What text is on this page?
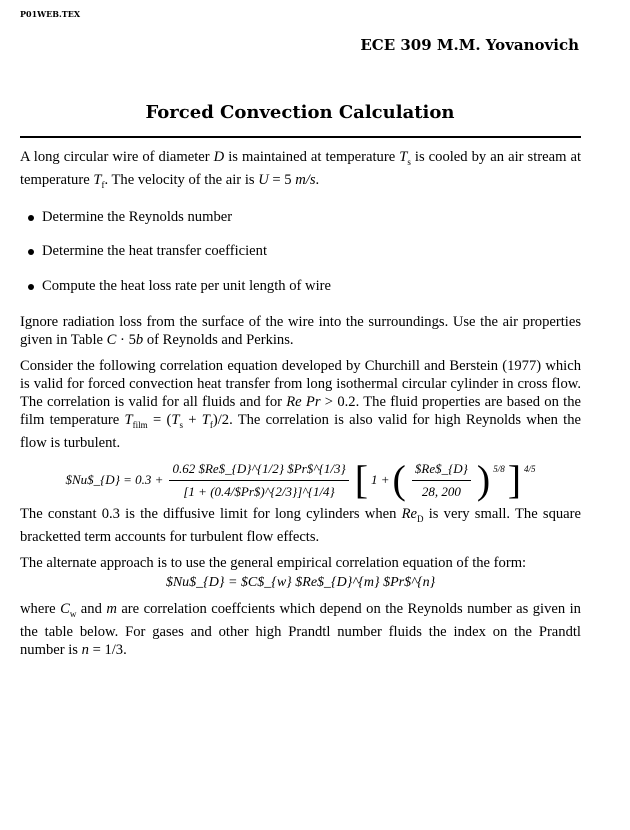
P01WEB.TEX
ECE 309 M.M. Yovanovich
Forced Convection Calculation

A long circular wire of diameter D is maintained at temperature $T_s$ is cooled by an air stream at temperature $T_f$. The velocity of the air is U = 5 m/s.

Determine the Reynolds number
Determine the heat transfer coefficient
Compute the heat loss rate per unit length of wire

Ignore radiation loss from the surface of the wire into the surroundings. Use the air properties given in Table C · 5b of Reynolds and Perkins.

Consider the following correlation equation developed by Churchill and Berstein (1977) which is valid for forced convection heat transfer from long isothermal circular cylinder in cross flow. The correlation is valid for all fluids and for Re Pr > 0.2. The fluid properties are based on the film temperature $T_{film} = (T_s + T_f)/2$. The correlation is also valid for high Reynolds when the flow is turbulent.

$Nu$_{D} = $0.3 + \frac{0.62 \$Re\$\_\{D\}\^{}\{1/2\} \$Pr\$\^{}\{1/3\}}{[1 + (0.4/\$Pr\$)\^{}\{2/3\}]\^{}\{1/4\}}$ [ 1 + ( $\frac{\$Re\$\_\{D\}}{28, 200}$ ) $^{5/8}$ ] $^{4/5}$

The constant 0.3 is the diffusive limit for long cylinders when $Re_D$ is very small. The square bracketted term accounts for turbulent flow effects.

The alternate approach is to use the general empirical correlation equation of the form:

$Nu$_{D} = $C$_{w} $Re$_{D}^{m} $Pr$^{n}

where $C_w$ and m are correlation coeffcients which depend on the Reynolds number as given in the table below. For gases and other high Prandtl number fluids the index on the Prandtl number is n = 1/3.
